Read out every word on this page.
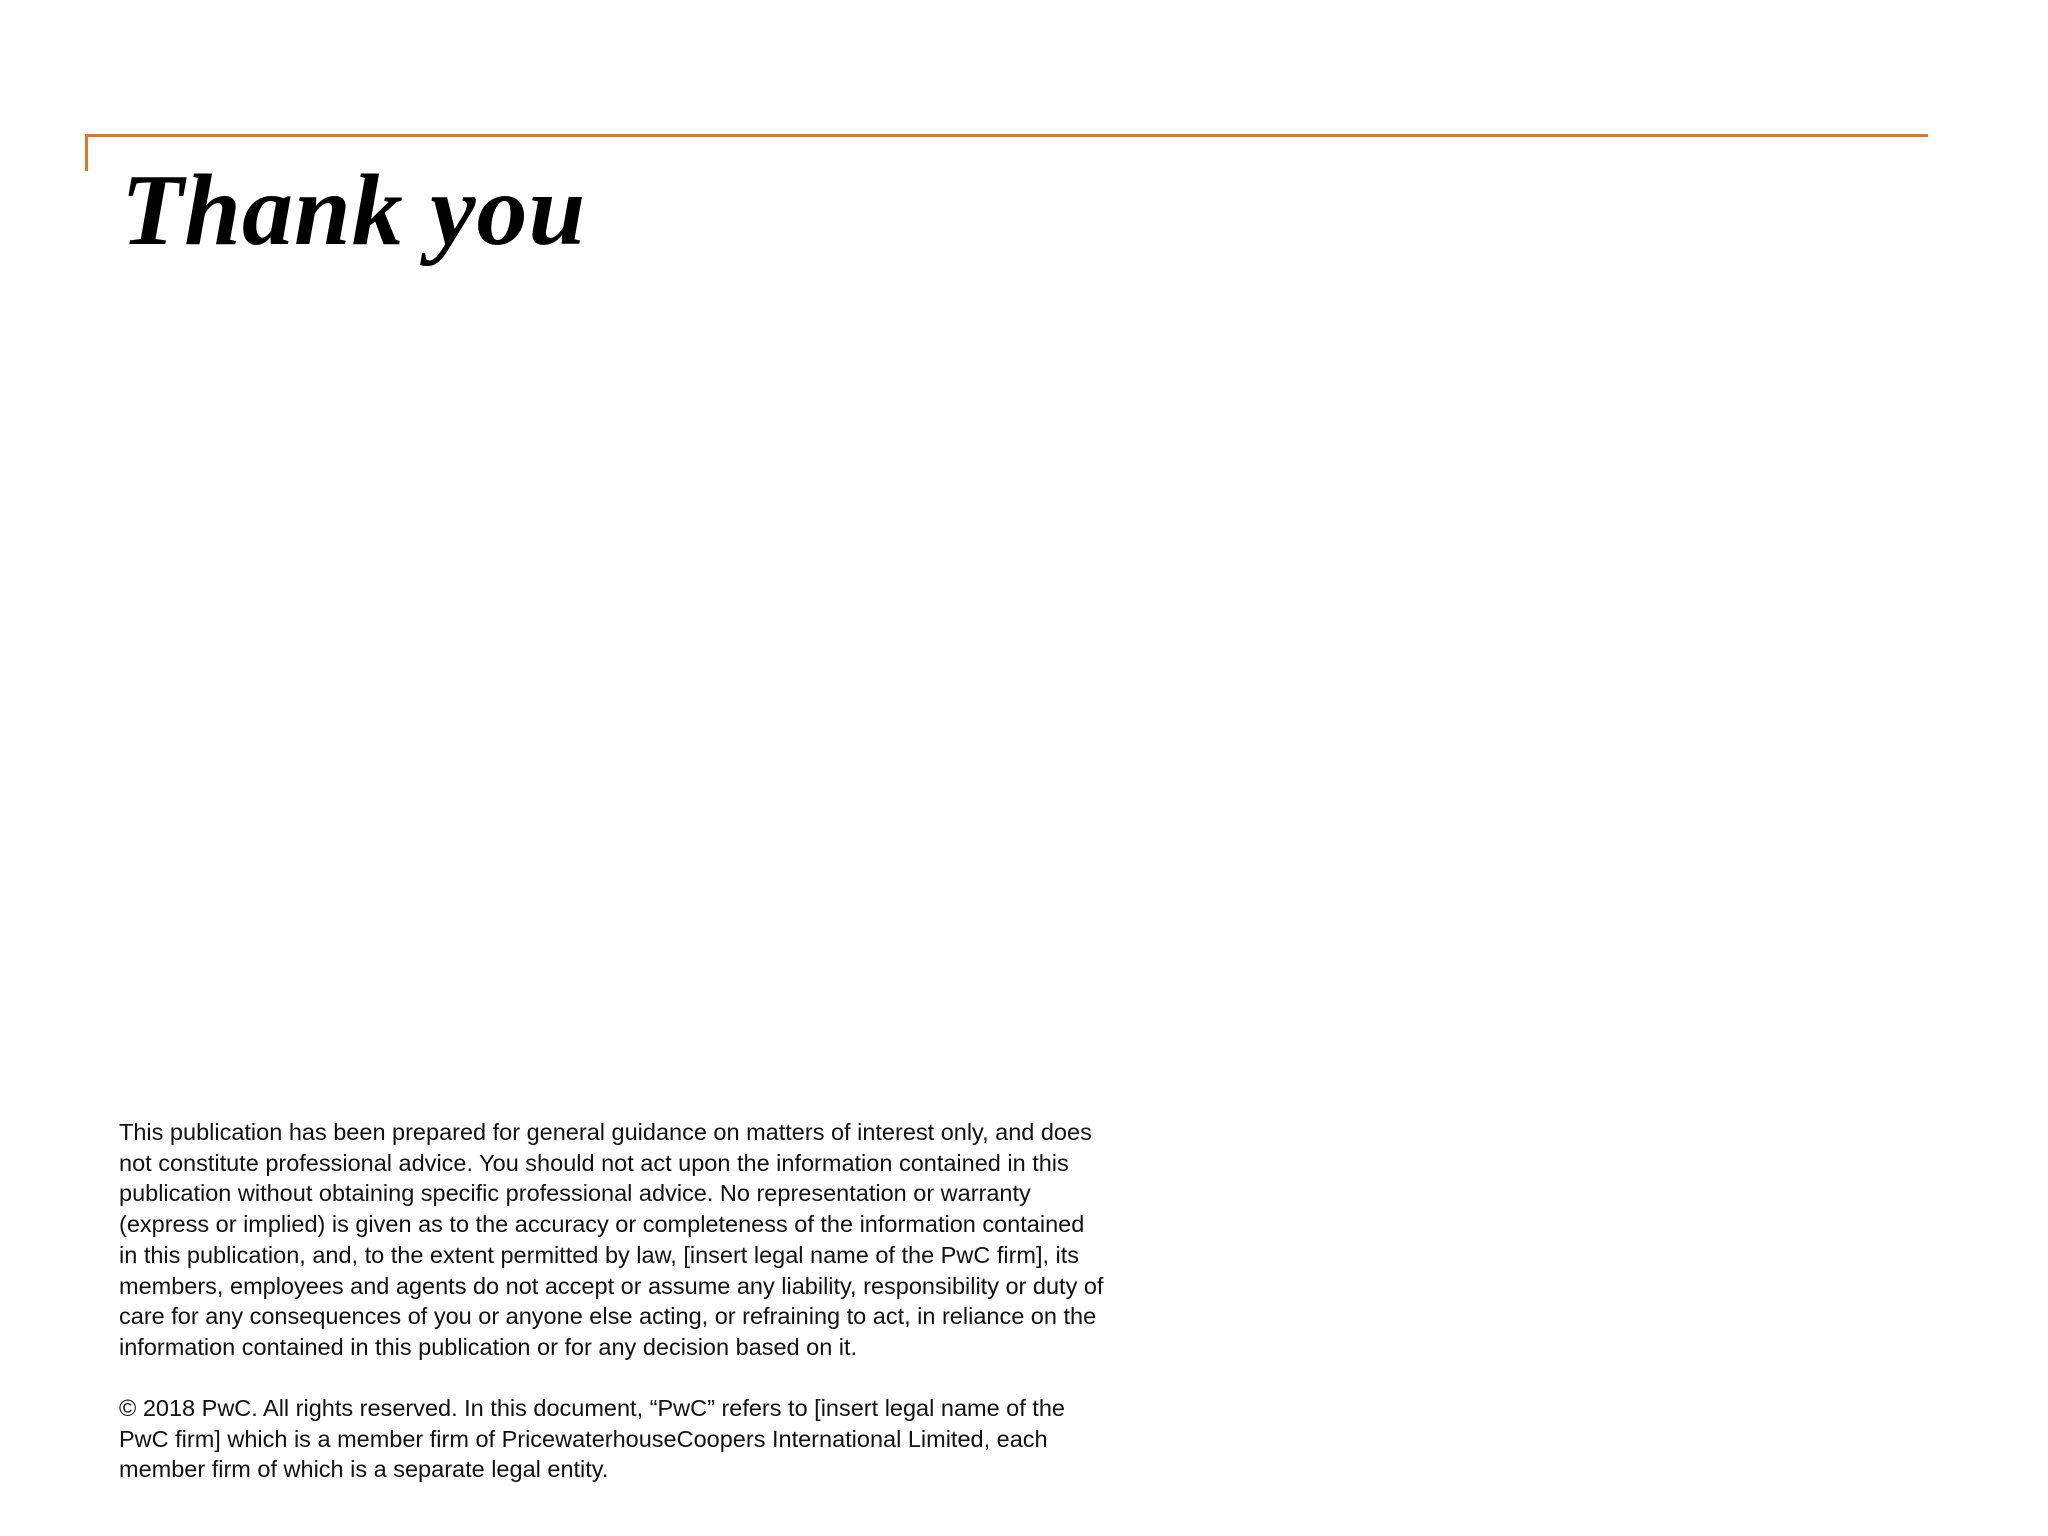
Thank you
This publication has been prepared for general guidance on matters of interest only, and does
not constitute professional advice. You should not act upon the information contained in this
publication without obtaining specific professional advice. No representation or warranty
(express or implied) is given as to the accuracy or completeness of the information contained
in this publication, and, to the extent permitted by law, [insert legal name of the PwC firm], its
members, employees and agents do not accept or assume any liability, responsibility or duty of
care for any consequences of you or anyone else acting, or refraining to act, in reliance on the
information contained in this publication or for any decision based on it.
© 2018 PwC. All rights reserved. In this document, “PwC” refers to [insert legal name of the
PwC firm] which is a member firm of PricewaterhouseCoopers International Limited, each
member firm of which is a separate legal entity.
